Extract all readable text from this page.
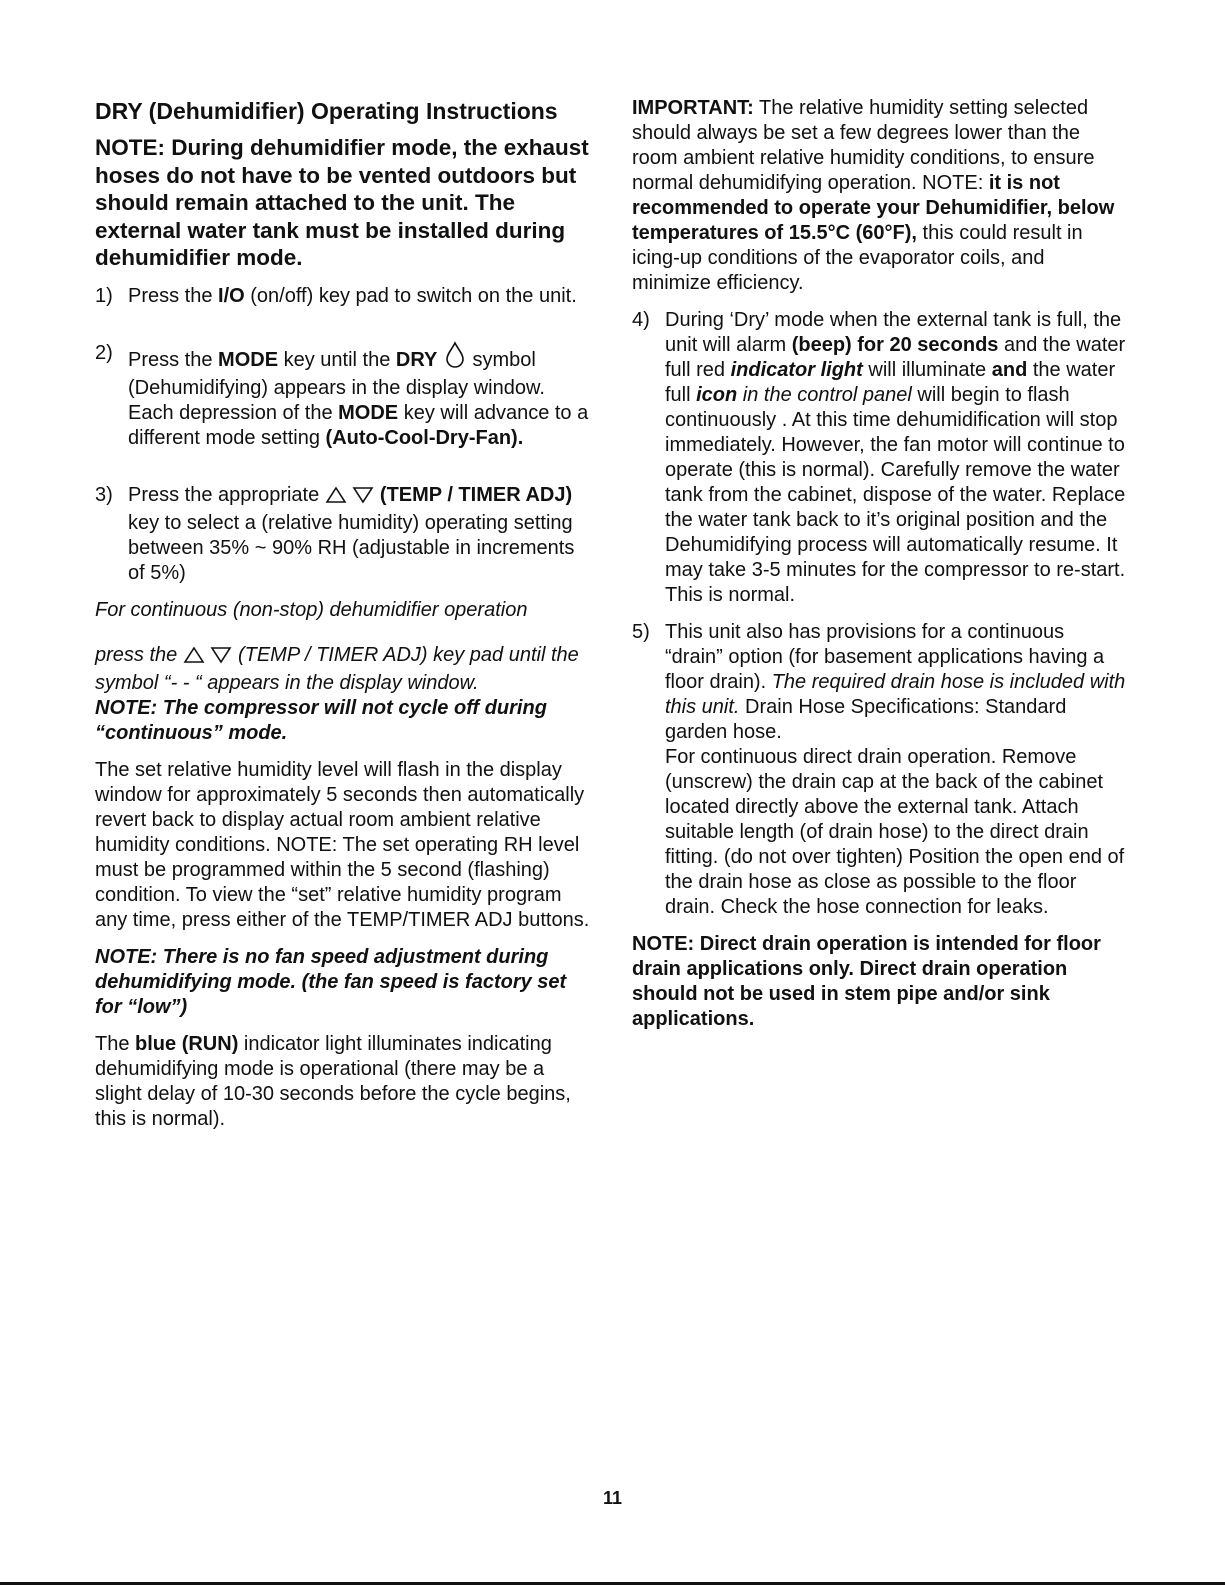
DRY (Dehumidifier) Operating Instructions

NOTE: During dehumidifier mode, the exhaust hoses do not have to be vented outdoors but should remain attached to the unit. The external water tank must be installed during dehumidifier mode.

1) Press the I/O (on/off) key pad to switch on the unit.
2) Press the MODE key until the DRY  symbol (Dehumidifying) appears in the display window. Each depression of the MODE key will advance to a different mode setting (Auto-Cool-Dry-Fan).
3) Press the appropriate	(TEMP / TIMER ADJ) key to select a (relative humidity) operating setting between 35% ~ 90% RH (adjustable in increments of 5%)

For continuous (non-stop) dehumidifier operation

press the   (TEMP / TIMER ADJ) key pad until the symbol “- - “ appears in the display window.

NOTE: The compressor will not cycle off during “continuous” mode.

The set relative humidity level will flash in the display window for approximately 5 seconds then automatically revert back to display actual room ambient relative humidity conditions. NOTE: The set operating RH level must be programmed within the 5 second (flashing) condition. To view the “set” relative humidity program any time, press either of the TEMP/TIMER ADJ buttons.

NOTE: There is no fan speed adjustment during dehumidifying mode. (the fan speed is factory set for “low”)

The blue (RUN) indicator light illuminates indicating dehumidifying mode is operational (there may be a slight delay of 10-30 seconds before the cycle begins, this is normal).

IMPORTANT: The relative humidity setting selected should always be set a few degrees lower than the room ambient relative humidity conditions, to ensure normal dehumidifying operation. NOTE: it is not recommended to operate your Dehumidifier, below temperatures of 15.5°C (60°F), this could result in icing-up conditions of the evaporator coils, and minimize efficiency.

4) During ‘Dry’ mode when the external tank is full, the unit will alarm (beep) for 20 seconds and the water full red indicator light will illuminate and the water full icon in the control panel will begin to flash continuously . At this time dehumidification will stop immediately. However, the fan motor will continue to operate (this is normal). Carefully remove the water tank from the cabinet, dispose of the water. Replace the water tank back to it’s original position and the Dehumidifying process will automatically resume. It may take 3-5 minutes for the compressor to re-start. This is normal.
5) This unit also has provisions for a continuous “drain” option (for basement applications having a floor drain). The required drain hose is included with this unit. Drain Hose Specifications: Standard garden hose.
For continuous direct drain operation. Remove (unscrew) the drain cap at the back of the cabinet located directly above the external tank. Attach suitable length (of drain hose) to the direct drain fitting. (do not over tighten) Position the open end of the drain hose as close as possible to the floor drain. Check the hose connection for leaks.

NOTE: Direct drain operation is intended for floor drain applications only. Direct drain operation should not be used in stem pipe and/or sink applications.

11
